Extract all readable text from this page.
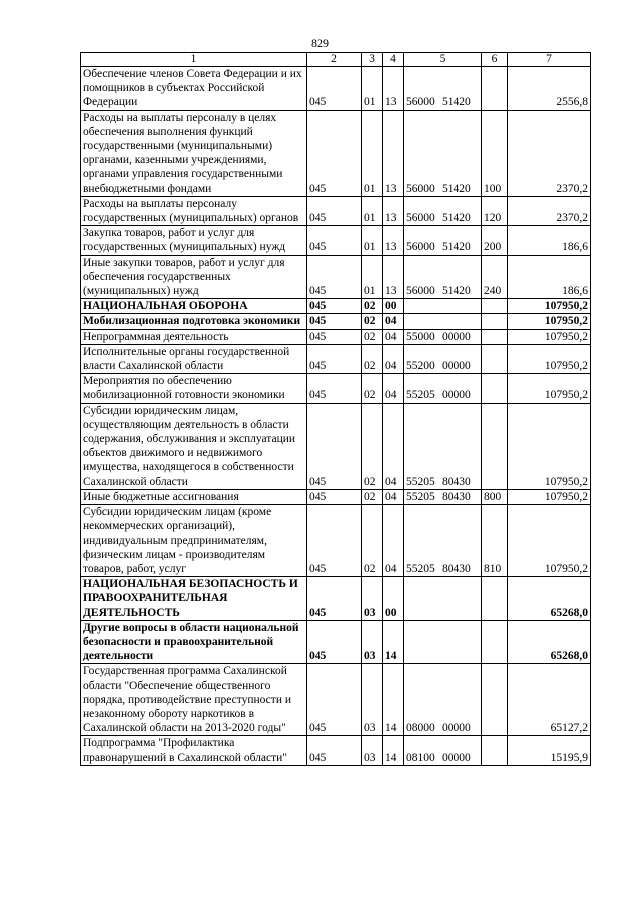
829
1	2	3	4	5	6	7
Обеспечение членов Совета Федерации и их помощников в субъектах Российской Федерации	045	01	13	56000 51420		2556,8
Расходы на выплаты персоналу в целях обеспечения выполнения функций государственными (муниципальными) органами, казенными учреждениями, органами управления государственными внебюджетными фондами	045	01	13	56000 51420	100	2370,2
Расходы на выплаты персоналу государственных (муниципальных) органов	045	01	13	56000 51420	120	2370,2
Закупка товаров, работ и услуг для государственных (муниципальных) нужд	045	01	13	56000 51420	200	186,6
Иные закупки товаров, работ и услуг для обеспечения государственных (муниципальных) нужд	045	01	13	56000 51420	240	186,6
НАЦИОНАЛЬНАЯ ОБОРОНА	045	02	00			107950,2
Мобилизационная подготовка экономики	045	02	04			107950,2
Непрограммная деятельность	045	02	04	55000 00000		107950,2
Исполнительные органы государственной власти Сахалинской области	045	02	04	55200 00000		107950,2
Мероприятия по обеспечению мобилизационной готовности экономики	045	02	04	55205 00000		107950,2
Субсидии юридическим лицам, осуществляющим деятельность в области содержания, обслуживания и эксплуатации объектов движимого и недвижимого имущества, находящегося в собственности Сахалинской области	045	02	04	55205 80430		107950,2
Иные бюджетные ассигнования	045	02	04	55205 80430	800	107950,2
Субсидии юридическим лицам (кроме некоммерческих организаций), индивидуальным предпринимателям, физическим лицам - производителям товаров, работ, услуг	045	02	04	55205 80430	810	107950,2
НАЦИОНАЛЬНАЯ БЕЗОПАСНОСТЬ И ПРАВООХРАНИТЕЛЬНАЯ ДЕЯТЕЛЬНОСТЬ	045	03	00			65268,0
Другие вопросы в области национальной безопасности и правоохранительной деятельности	045	03	14			65268,0
Государственная программа Сахалинской области "Обеспечение общественного порядка, противодействие преступности и незаконному обороту наркотиков в Сахалинской области на 2013-2020 годы"	045	03	14	08000 00000		65127,2
Подпрограмма "Профилактика правонарушений в Сахалинской области"	045	03	14	08100 00000		15195,9
